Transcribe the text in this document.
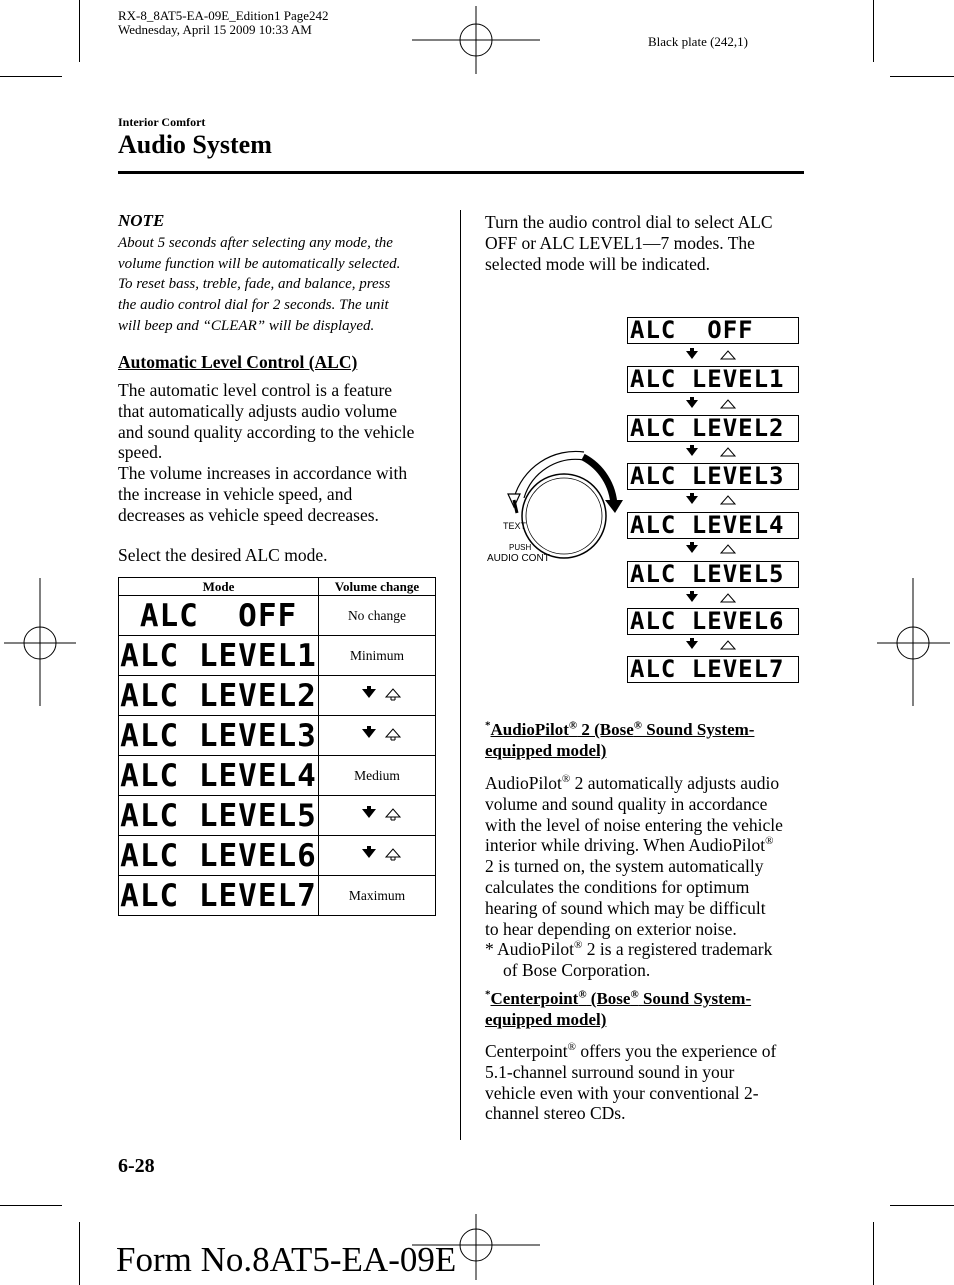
RX-8_8AT5-EA-09E_Edition1 Page242
Wednesday, April 15 2009 10:33 AM
Black plate (242,1)
Interior Comfort
Audio System
NOTE
About 5 seconds after selecting any mode, the
volume function will be automatically selected.
To reset bass, treble, fade, and balance, press
the audio control dial for 2 seconds. The unit
will beep and “CLEAR” will be displayed.
Automatic Level Control (ALC)
The automatic level control is a feature
that automatically adjusts audio volume
and sound quality according to the vehicle
speed.
The volume increases in accordance with
the increase in vehicle speed, and
decreases as vehicle speed decreases.
Select the desired ALC mode.
Mode	Volume change
ALC  OFF	No change
ALC LEVEL1	Minimum
ALC LEVEL2	
ALC LEVEL3	
ALC LEVEL4	Medium
ALC LEVEL5	
ALC LEVEL6	
ALC LEVEL7	Maximum
Turn the audio control dial to select ALC
OFF or ALC LEVEL1―7 modes. The
selected mode will be indicated.
TEXT
PUSH
AUDIO CONT
ALC  OFF
ALC LEVEL1
ALC LEVEL2
ALC LEVEL3
ALC LEVEL4
ALC LEVEL5
ALC LEVEL6
ALC LEVEL7
*AudioPilot® 2 (Bose® Sound System-
equipped model)
AudioPilot® 2 automatically adjusts audio
volume and sound quality in accordance
with the level of noise entering the vehicle
interior while driving. When AudioPilot®
2 is turned on, the system automatically
calculates the conditions for optimum
hearing of sound which may be difficult
to hear depending on exterior noise.
* AudioPilot® 2 is a registered trademark
of Bose Corporation.
*Centerpoint® (Bose® Sound System-
equipped model)
Centerpoint® offers you the experience of
5.1-channel surround sound in your
vehicle even with your conventional 2-
channel stereo CDs.
6-28
Form No.8AT5-EA-09E
